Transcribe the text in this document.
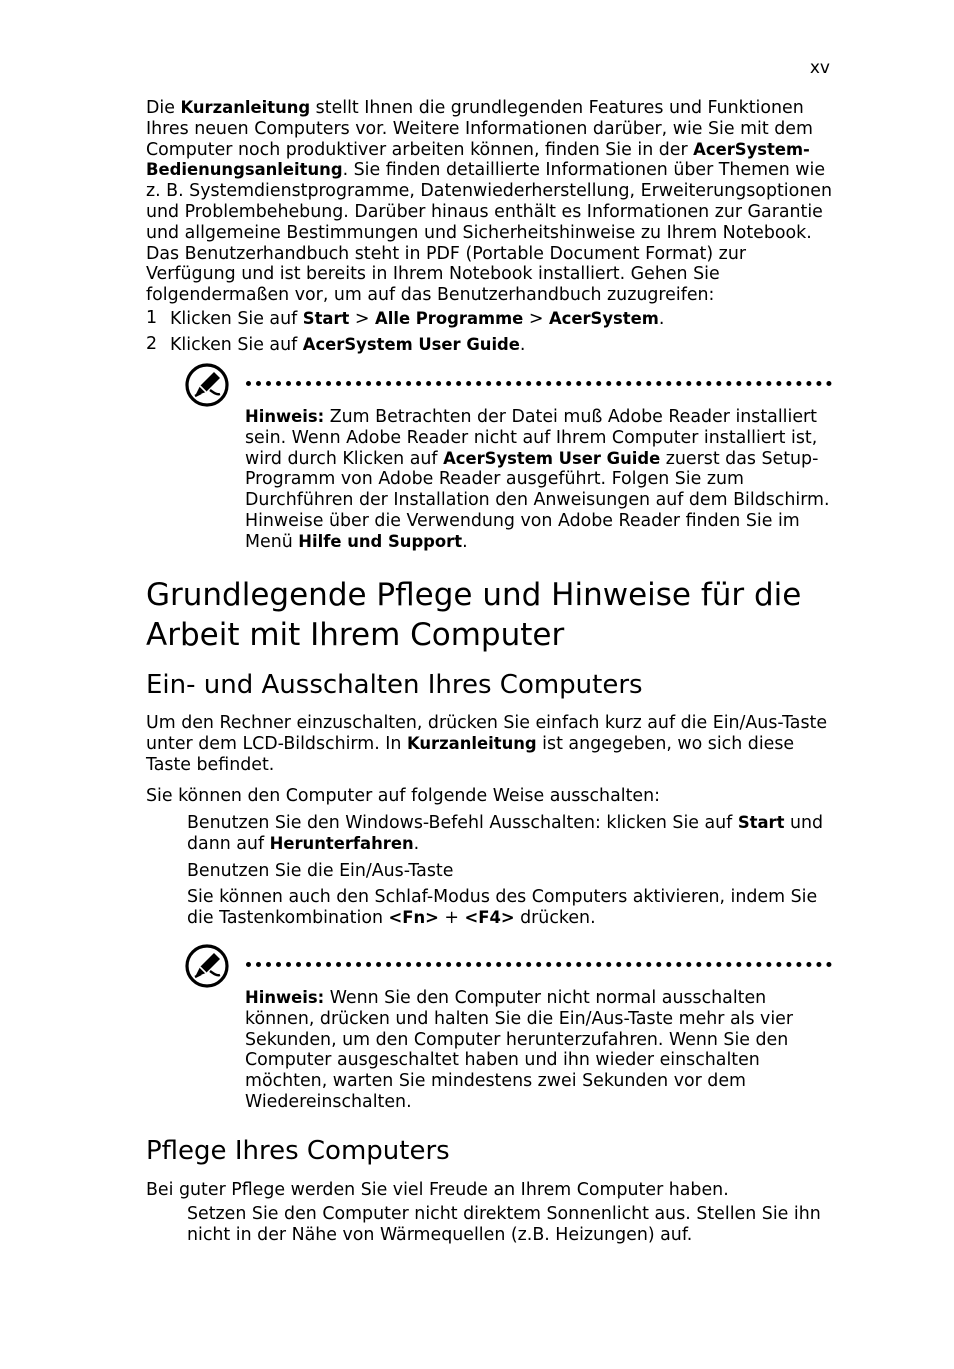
xv

Die Kurzanleitung stellt Ihnen die grundlegenden Features und Funktionen Ihres neuen Computers vor. Weitere Informationen darüber, wie Sie mit dem Computer noch produktiver arbeiten können, finden Sie in der AcerSystem-Bedienungsanleitung. Sie finden detaillierte Informationen über Themen wie z. B. Systemdienstprogramme, Datenwiederherstellung, Erweiterungsoptionen und Problembehebung. Darüber hinaus enthält es Informationen zur Garantie und allgemeine Bestimmungen und Sicherheitshinweise zu Ihrem Notebook. Das Benutzerhandbuch steht in PDF (Portable Document Format) zur Verfügung und ist bereits in Ihrem Notebook installiert. Gehen Sie folgendermaßen vor, um auf das Benutzerhandbuch zuzugreifen:

1 Klicken Sie auf Start > Alle Programme > AcerSystem.
2 Klicken Sie auf AcerSystem User Guide.

Hinweis: Zum Betrachten der Datei muß Adobe Reader installiert sein. Wenn Adobe Reader nicht auf Ihrem Computer installiert ist, wird durch Klicken auf AcerSystem User Guide zuerst das Setup-Programm von Adobe Reader ausgeführt. Folgen Sie zum Durchführen der Installation den Anweisungen auf dem Bildschirm. Hinweise über die Verwendung von Adobe Reader finden Sie im Menü Hilfe und Support.

Grundlegende Pflege und Hinweise für die Arbeit mit Ihrem Computer
Ein- und Ausschalten Ihres Computers

Um den Rechner einzuschalten, drücken Sie einfach kurz auf die Ein/Aus-Taste unter dem LCD-Bildschirm. In Kurzanleitung ist angegeben, wo sich diese Taste befindet.

Sie können den Computer auf folgende Weise ausschalten:

Benutzen Sie den Windows-Befehl Ausschalten: klicken Sie auf Start und dann auf Herunterfahren.

Benutzen Sie die Ein/Aus-Taste

Sie können auch den Schlaf-Modus des Computers aktivieren, indem Sie die Tastenkombination <Fn> + <F4> drücken.

Hinweis: Wenn Sie den Computer nicht normal ausschalten können, drücken und halten Sie die Ein/Aus-Taste mehr als vier Sekunden, um den Computer herunterzufahren. Wenn Sie den Computer ausgeschaltet haben und ihn wieder einschalten möchten, warten Sie mindestens zwei Sekunden vor dem Wiedereinschalten.

Pflege Ihres Computers

Bei guter Pflege werden Sie viel Freude an Ihrem Computer haben.

Setzen Sie den Computer nicht direktem Sonnenlicht aus. Stellen Sie ihn nicht in der Nähe von Wärmequellen (z.B. Heizungen) auf.
